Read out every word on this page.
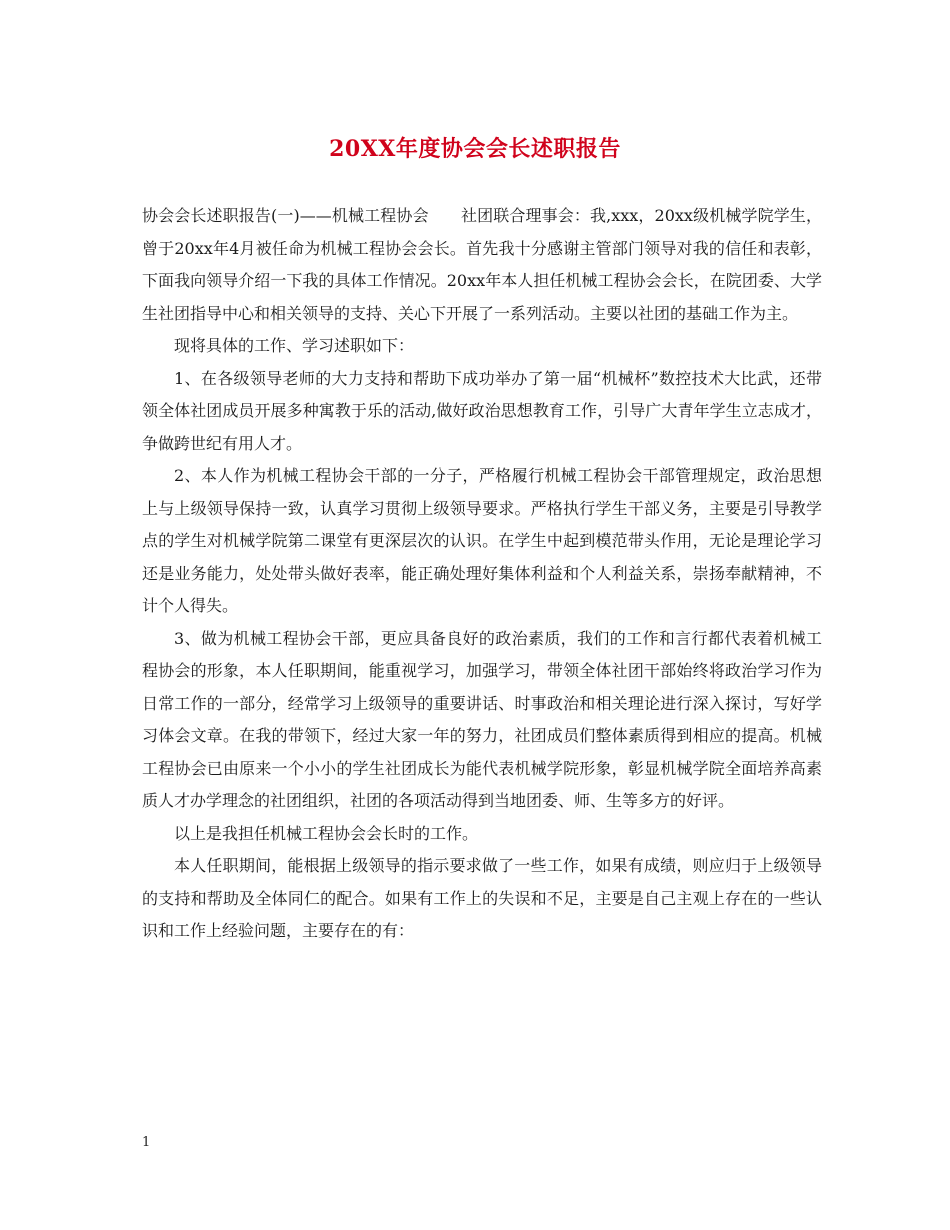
20XX年度协会会长述职报告

协会会长述职报告(一)——机械工程协会　　社团联合理事会：我,xxx，20xx级机械学院学生，曾于20xx年4月被任命为机械工程协会会长。首先我十分感谢主管部门领导对我的信任和表彰，下面我向领导介绍一下我的具体工作情况。20xx年本人担任机械工程协会会长，在院团委、大学生社团指导中心和相关领导的支持、关心下开展了一系列活动。主要以社团的基础工作为主。

现将具体的工作、学习述职如下：

1、在各级领导老师的大力支持和帮助下成功举办了第一届“机械杯”数控技术大比武，还带领全体社团成员开展多种寓教于乐的活动,做好政治思想教育工作，引导广大青年学生立志成才，争做跨世纪有用人才。

2、本人作为机械工程协会干部的一分子，严格履行机械工程协会干部管理规定，政治思想上与上级领导保持一致，认真学习贯彻上级领导要求。严格执行学生干部义务，主要是引导教学点的学生对机械学院第二课堂有更深层次的认识。在学生中起到模范带头作用，无论是理论学习还是业务能力，处处带头做好表率，能正确处理好集体利益和个人利益关系，崇扬奉献精神，不计个人得失。

3、做为机械工程协会干部，更应具备良好的政治素质，我们的工作和言行都代表着机械工程协会的形象，本人任职期间，能重视学习，加强学习，带领全体社团干部始终将政治学习作为日常工作的一部分，经常学习上级领导的重要讲话、时事政治和相关理论进行深入探讨，写好学习体会文章。在我的带领下，经过大家一年的努力，社团成员们整体素质得到相应的提高。机械工程协会已由原来一个小小的学生社团成长为能代表机械学院形象，彰显机械学院全面培养高素质人才办学理念的社团组织，社团的各项活动得到当地团委、师、生等多方的好评。

以上是我担任机械工程协会会长时的工作。

本人任职期间，能根据上级领导的指示要求做了一些工作，如果有成绩，则应归于上级领导的支持和帮助及全体同仁的配合。如果有工作上的失误和不足，主要是自己主观上存在的一些认识和工作上经验问题，主要存在的有：

1
